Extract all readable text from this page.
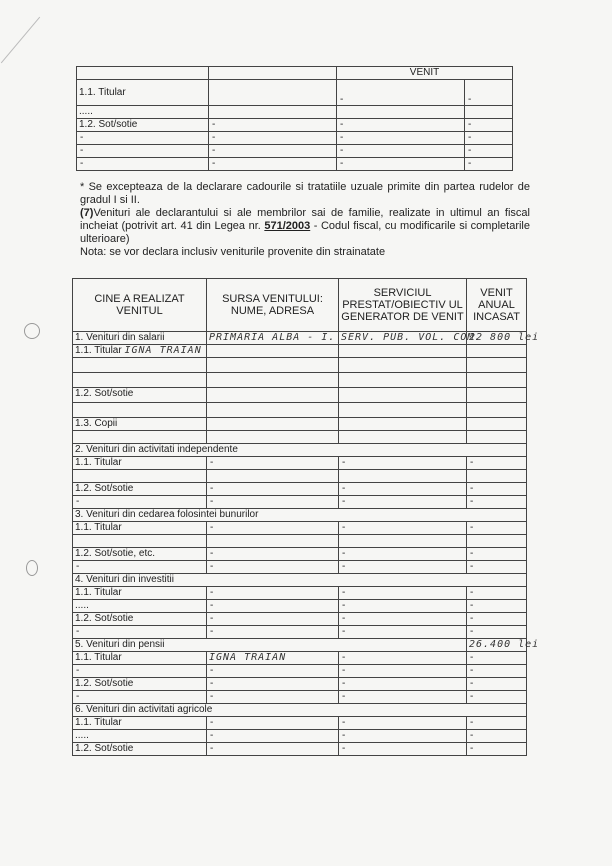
		VENIT	
1.1. Titular		-	-

.....			
1.2. Sot/sotie	-	-	-
-	-	-	-
-	-	-	-
-	-	-	-

* Se excepteaza de la declarare cadourile si tratatiile uzuale primite din partea rudelor de gradul I si II.

(7)Venituri ale declarantului si ale membrilor sai de familie, realizate in ultimul an fiscal incheiat (potrivit art. 41 din Legea nr. 571/2003 - Codul fiscal, cu modificarile si completarile ulterioare)

Nota: se vor declara inclusiv veniturile provenite din strainatate

CINE A REALIZAT VENITUL	SURSA VENITULUI: NUME, ADRESA	SERVICIUL PRESTAT/OBIECTIV UL GENERATOR DE VENIT	VENIT ANUAL INCASAT
1. Venituri din salarii	PRIMARIA ALBA - I.	SERV. PUB. VOL. COM.	22 800 lei
1.1. Titular IGNA TRAIAN			

1.2. Sot/sotie			

1.3. Copii			

2. Venituri din activitati independente			
1.1. Titular	-	-	-

1.2. Sot/sotie	-	-	-
-	-	-	-
3. Venituri din cedarea folosintei bunurilor			
1.1. Titular	-	-	-

1.2. Sot/sotie, etc.	-	-	-
-	-	-	-
4. Venituri din investitii			
1.1. Titular	-	-	-
.....	-	-	-
1.2. Sot/sotie	-	-	-
-	-	-	-
5. Venituri din pensii			26.400 lei
1.1. Titular	IGNA TRAIAN	-	-
-	-	-	-
1.2. Sot/sotie	-	-	-
-	-	-	-
6. Venituri din activitati agricole			
1.1. Titular	-	-	-
.....	-	-	-
1.2. Sot/sotie	-	-	-
